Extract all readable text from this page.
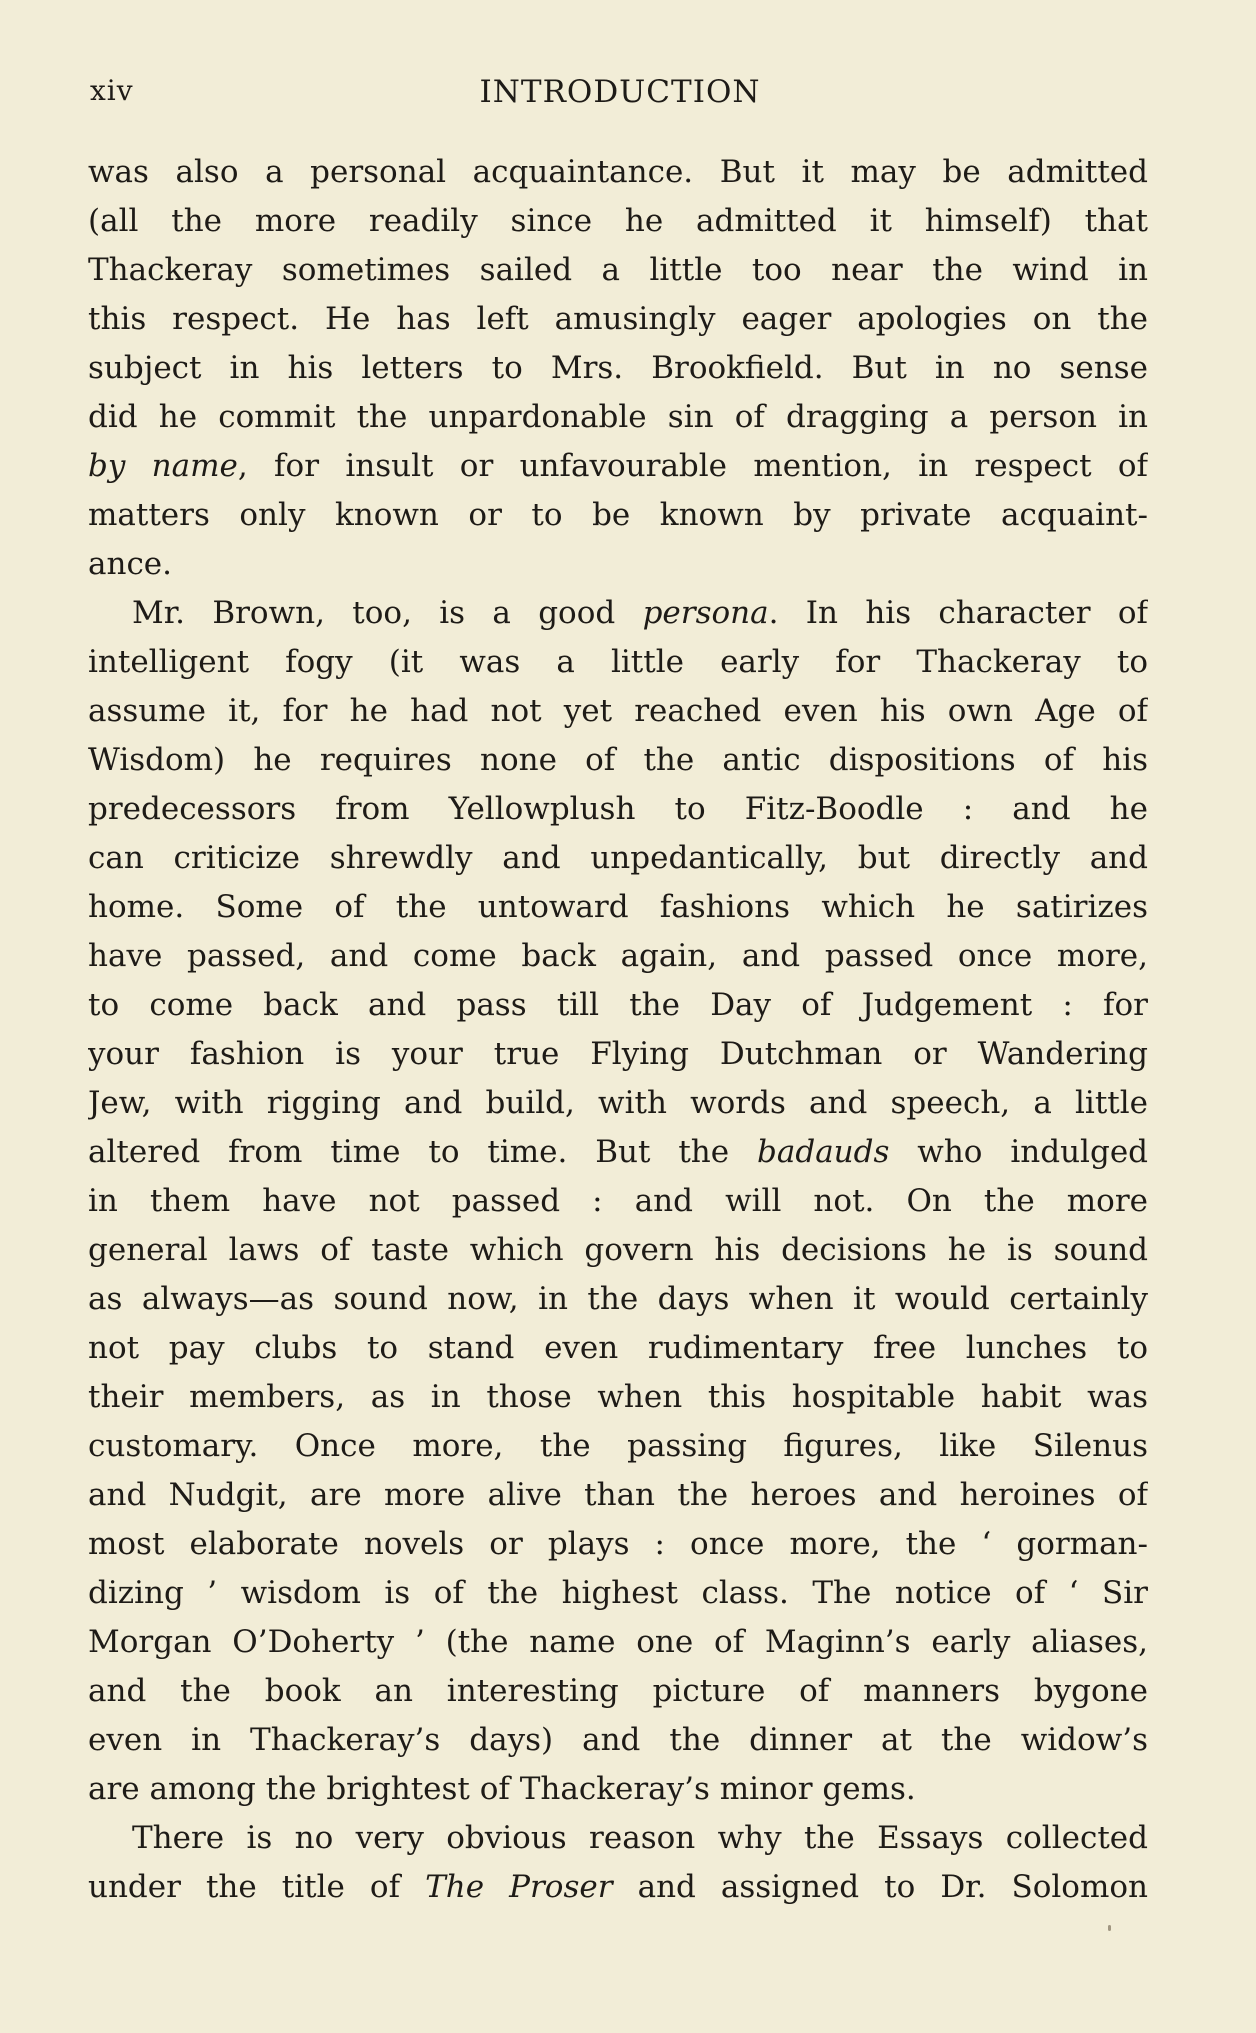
xiv	INTRODUCTION
was also a personal acquaintance. But it may be admitted
(all the more readily since he admitted it himself) that
Thackeray sometimes sailed a little too near the wind in
this respect. He has left amusingly eager apologies on the
subject in his letters to Mrs. Brookfield. But in no sense
did he commit the unpardonable sin of dragging a person in
by name, for insult or unfavourable mention, in respect of
matters only known or to be known by private acquaint-
ance.
Mr. Brown, too, is a good persona. In his character of
intelligent fogy (it was a little early for Thackeray to
assume it, for he had not yet reached even his own Age of
Wisdom) he requires none of the antic dispositions of his
predecessors from Yellowplush to Fitz-Boodle : and he
can criticize shrewdly and unpedantically, but directly and
home. Some of the untoward fashions which he satirizes
have passed, and come back again, and passed once more,
to come back and pass till the Day of Judgement : for
your fashion is your true Flying Dutchman or Wandering
Jew, with rigging and build, with words and speech, a little
altered from time to time. But the badauds who indulged
in them have not passed : and will not. On the more
general laws of taste which govern his decisions he is sound
as always—as sound now, in the days when it would certainly
not pay clubs to stand even rudimentary free lunches to
their members, as in those when this hospitable habit was
customary. Once more, the passing figures, like Silenus
and Nudgit, are more alive than the heroes and heroines of
most elaborate novels or plays : once more, the ‘ gorman-
dizing ’ wisdom is of the highest class. The notice of ‘ Sir
Morgan O’Doherty ’ (the name one of Maginn’s early aliases,
and the book an interesting picture of manners bygone
even in Thackeray’s days) and the dinner at the widow’s
are among the brightest of Thackeray’s minor gems.
There is no very obvious reason why the Essays collected
under the title of The Proser and assigned to Dr. Solomon
